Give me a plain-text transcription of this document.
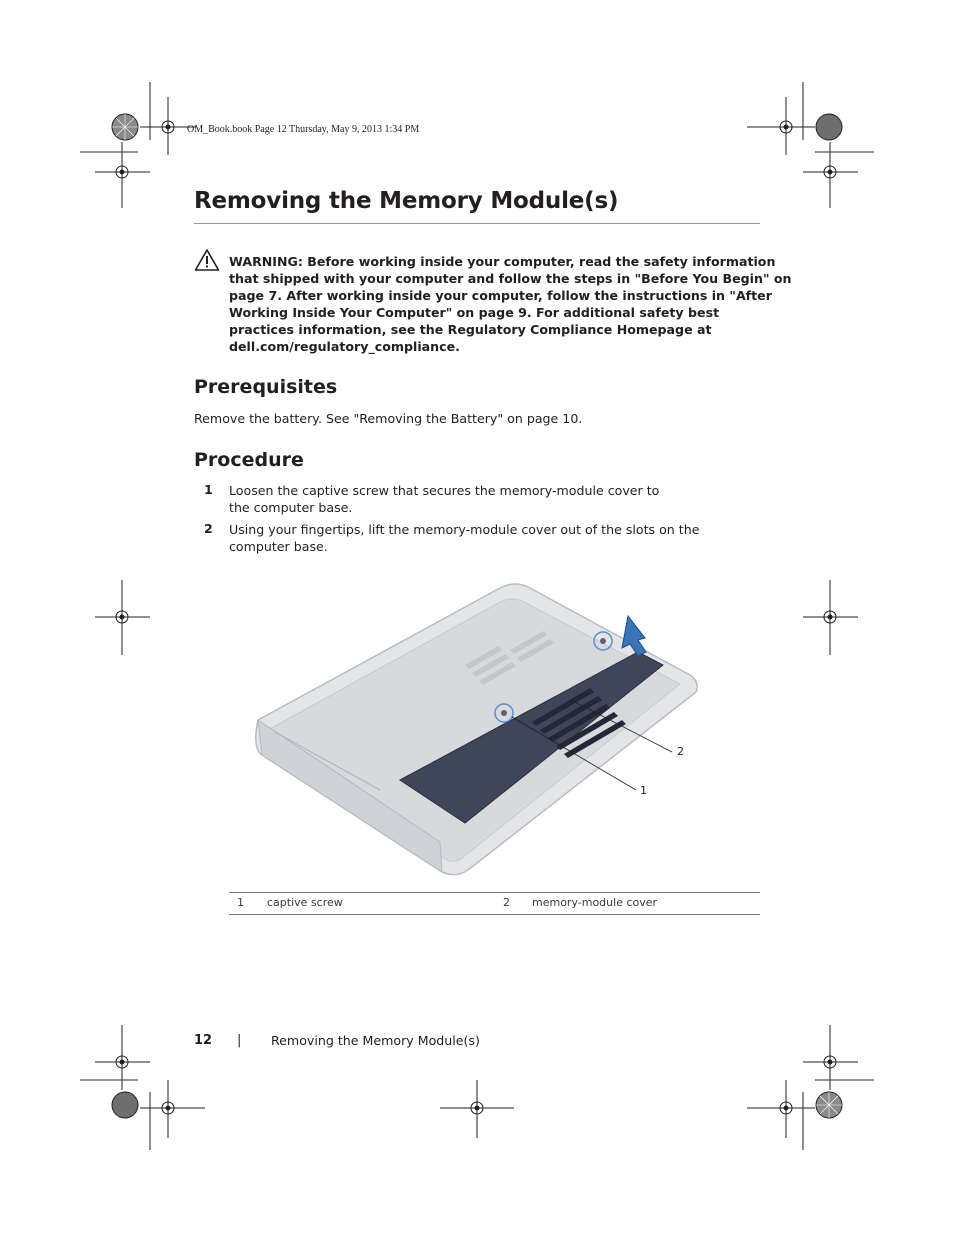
OM_Book.book Page 12 Thursday, May 9, 2013 1:34 PM
Removing the Memory Module(s)

WARNING: Before working inside your computer, read the safety information

that shipped with your computer and follow the steps in "Before You Begin" on

page 7. After working inside your computer, follow the instructions in "After

Working Inside Your Computer" on page 9. For additional safety best

practices information, see the Regulatory Compliance Homepage at

dell.com/regulatory_compliance.

Prerequisites
Remove the battery. See "Removing the Battery" on page 10.
Procedure
1 Loosen the captive screw that secures the memory-module cover to

the computer base.

2 Using your fingertips, lift the memory-module cover out of the slots on the

computer base.

1
2
1 captive screw	2 memory-module cover
12 | Removing the Memory Module(s)
